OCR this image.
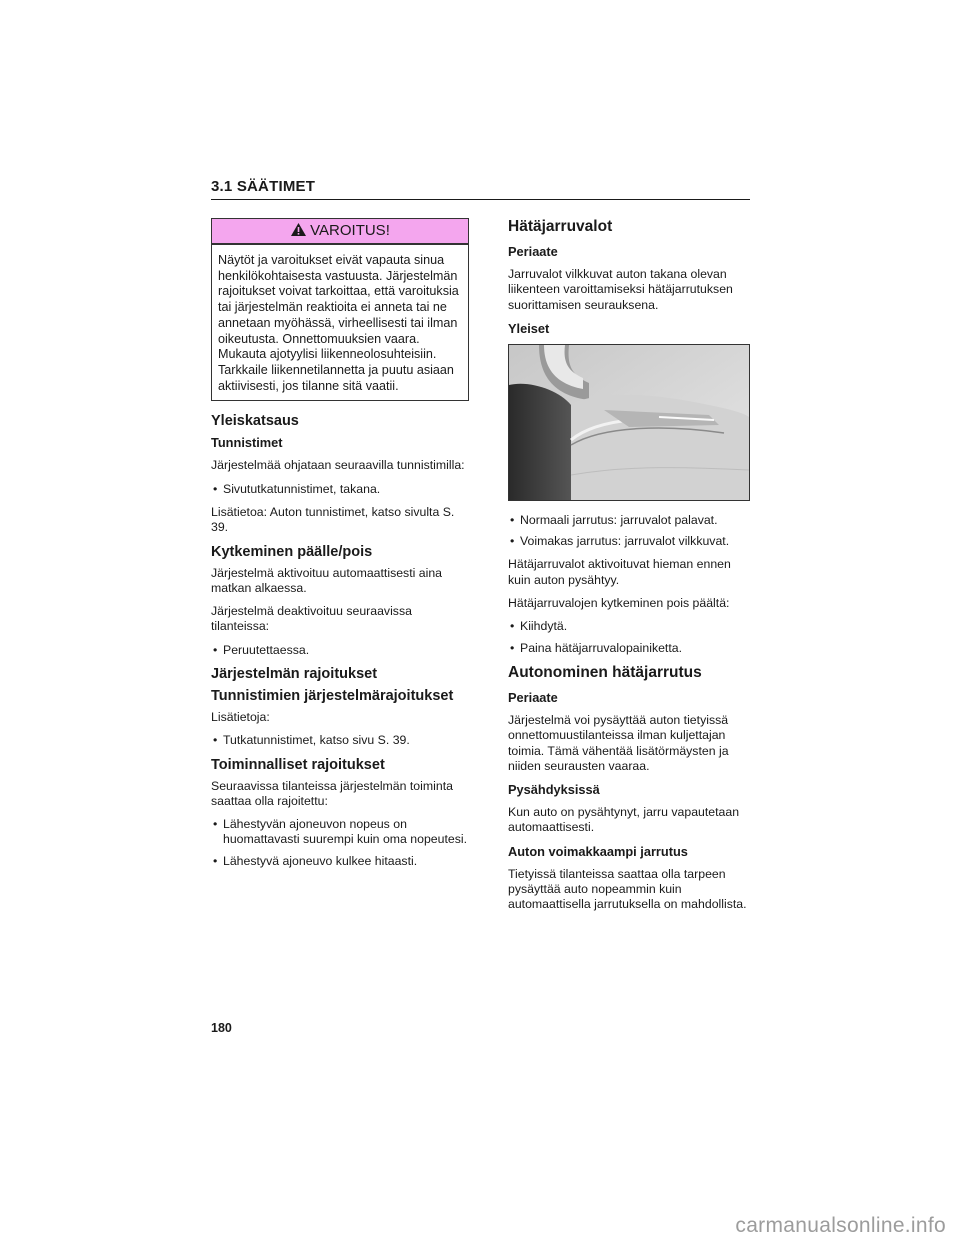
3.1 SÄÄTIMET
VAROITUS!
Näytöt ja varoitukset eivät vapauta sinua henkilökohtaisesta vastuusta. Järjestelmän rajoitukset voivat tarkoittaa, että varoituksia tai järjestelmän reaktioita ei anneta tai ne annetaan myöhässä, virheellisesti tai ilman oikeutusta. Onnettomuuksien vaara. Mukauta ajotyylisi liikenneolosuhteisiin. Tarkkaile liikennetilannetta ja puutu asiaan aktiivisesti, jos tilanne sitä vaatii.
Yleiskatsaus
Tunnistimet

Järjestelmää ohjataan seuraavilla tunnistimilla:

• Sivututkatunnistimet, takana.

Lisätietoa: Auton tunnistimet, katso sivulta S. 39.

Kytkeminen päälle/pois

Järjestelmä aktivoituu automaattisesti aina matkan alkaessa.

Järjestelmä deaktivoituu seuraavissa tilanteissa:

• Peruutettaessa.
Järjestelmän rajoitukset
Tunnistimien järjestelmärajoitukset

Lisätietoja:

• Tutkatunnistimet, katso sivu S. 39.
Toiminnalliset rajoitukset

Seuraavissa tilanteissa järjestelmän toiminta saattaa olla rajoitettu:

• Lähestyvän ajoneuvon nopeus on huomattavasti suurempi kuin oma nopeutesi.
• Lähestyvä ajoneuvo kulkee hitaasti.
Hätäjarruvalot
Periaate

Jarruvalot vilkkuvat auton takana olevan liikenteen varoittamiseksi hätäjarrutuksen suorittamisen seurauksena.

Yleiset
• Normaali jarrutus: jarruvalot palavat.
• Voimakas jarrutus: jarruvalot vilkkuvat.

Hätäjarruvalot aktivoituvat hieman ennen kuin auton pysähtyy.

Hätäjarruvalojen kytkeminen pois päältä:

• Kiihdytä.
• Paina hätäjarruvalopainiketta.
Autonominen hätäjarrutus
Periaate

Järjestelmä voi pysäyttää auton tietyissä onnettomuustilanteissa ilman kuljettajan toimia. Tämä vähentää lisätörmäysten ja niiden seurausten vaaraa.

Pysähdyksissä

Kun auto on pysähtynyt, jarru vapautetaan automaattisesti.

Auton voimakkaampi jarrutus

Tietyissä tilanteissa saattaa olla tarpeen pysäyttää auto nopeammin kuin automaattisella jarrutuksella on mahdollista.

180
carmanualsonline.info
